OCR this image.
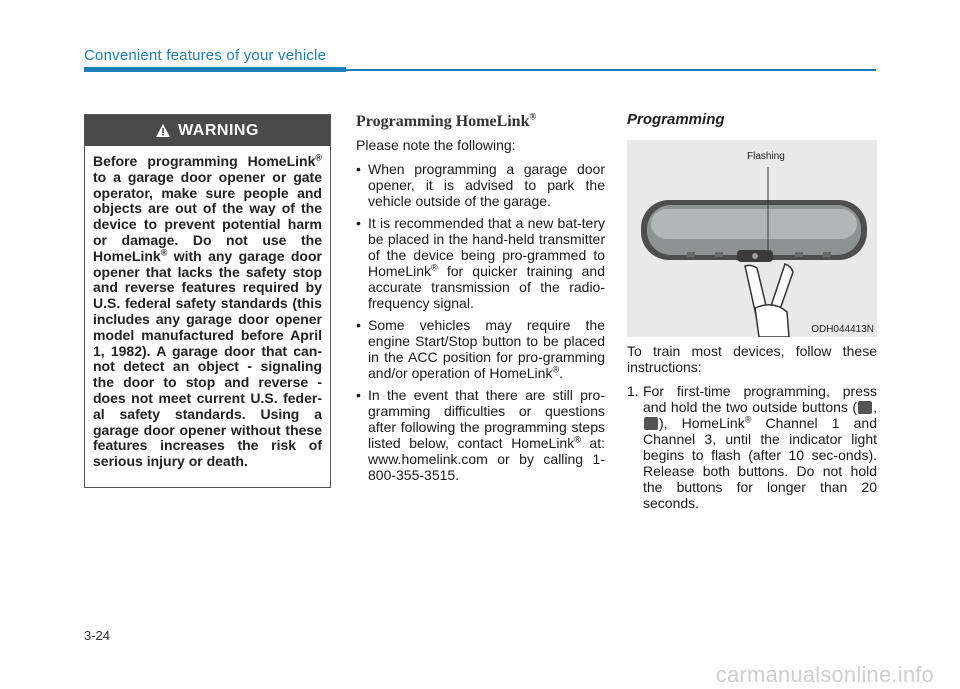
Convenient features of your vehicle
WARNING
Before programming HomeLink® to a garage door opener or gate operator, make sure people and objects are out of the way of the device to prevent potential harm or damage. Do not use the HomeLink® with any garage door opener that lacks the safety stop and reverse features required by U.S. federal safety standards (this includes any garage door opener model manufactured before April 1, 1982). A garage door that can-not detect an object - signaling the door to stop and reverse - does not meet current U.S. feder-al safety standards. Using a garage door opener without these features increases the risk of serious injury or death.
Programming HomeLink®

Please note the following:

• When programming a garage door opener, it is advised to park the vehicle outside of the garage.
• It is recommended that a new bat-tery be placed in the hand-held transmitter of the device being pro-grammed to HomeLink® for quicker training and accurate transmission of the radio-frequency signal.
• Some vehicles may require the engine Start/Stop button to be placed in the ACC position for pro-gramming and/or operation of HomeLink®.
• In the event that there are still pro-gramming difficulties or questions after following the programming steps listed below, contact HomeLink® at: www.homelink.com or by calling 1-800-355-3515.
Programming
Flashing
ODH044413N

To train most devices, follow these instructions:

1. For first-time programming, press and hold the two outside buttons ( ,), HomeLink® Channel 1 and Channel 3, until the indicator light begins to flash (after 10 sec-onds). Release both buttons. Do not hold the buttons for longer than 20 seconds.
3-24
carmanualsonline.info
